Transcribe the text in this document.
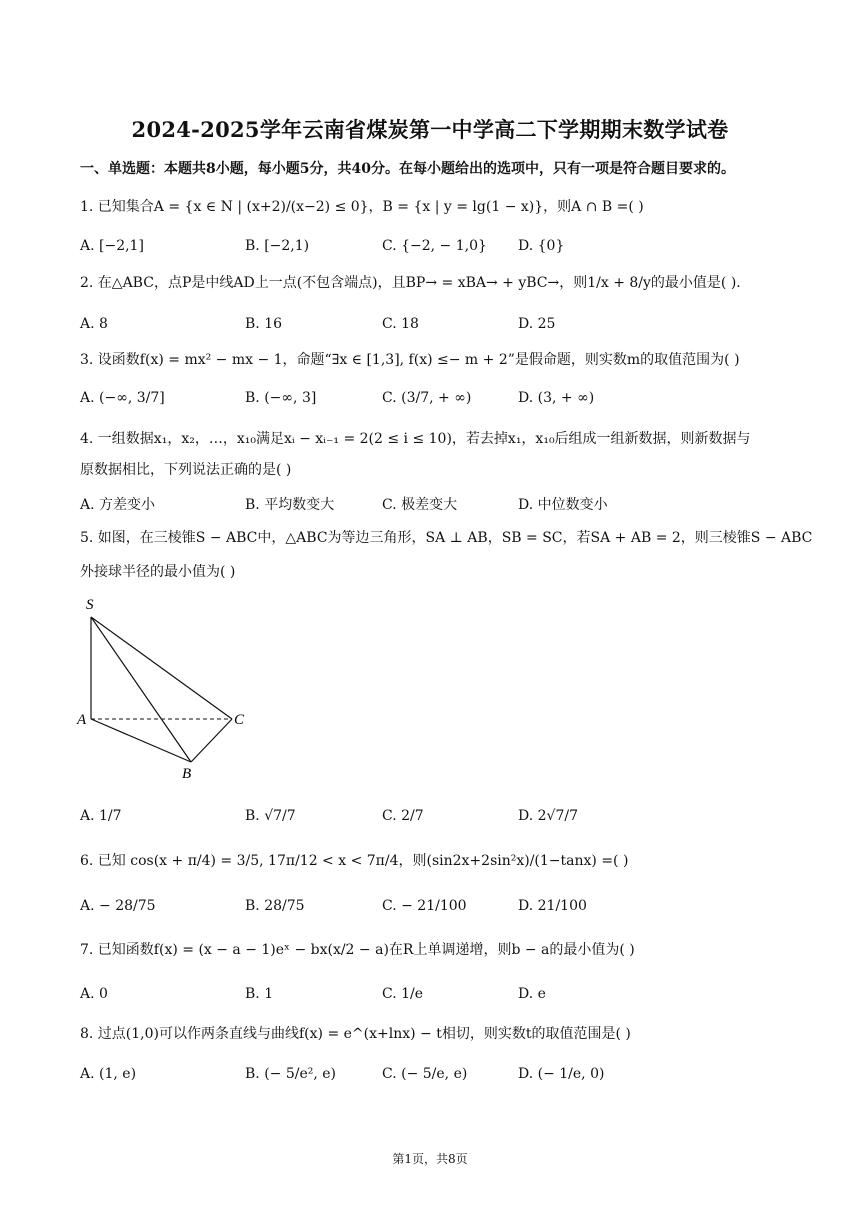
2024-2025学年云南省煤炭第一中学高二下学期期末数学试卷
一、单选题：本题共8小题，每小题5分，共40分。在每小题给出的选项中，只有一项是符合题目要求的。
1. 已知集合A = {x ∈ N | (x+2)/(x−2) ≤ 0}，B = {x | y = lg(1 − x)}，则A ∩ B =( )
A. [−2,1]	B. [−2,1)	C. {−2, − 1,0} D. {0}
2. 在△ABC，点P是中线AD上一点(不包含端点)，且BP→ = xBA→ + yBC→，则1/x + 8/y的最小值是( ).
A. 8	B. 16	C. 18	D. 25
3. 设函数f(x) = mx² − mx − 1，命题“∃x ∈ [1,3], f(x) ≤− m + 2”是假命题，则实数m的取值范围为( )
A. (−∞, 3/7]	B. (−∞, 3]	C. (3/7, + ∞)	D. (3, + ∞)
4. 一组数据x₁，x₂，…，x₁₀满足xᵢ − xᵢ₋₁ = 2(2 ≤ i ≤ 10)，若去掉x₁，x₁₀后组成一组新数据，则新数据与
原数据相比，下列说法正确的是( )
A. 方差变小	B. 平均数变大	C. 极差变大	D. 中位数变小
5. 如图，在三棱锥S − ABC中，△ABC为等边三角形，SA ⊥ AB，SB = SC，若SA + AB = 2，则三棱锥S − ABC
外接球半径的最小值为( )
S
A
B
C
A. 1/7	B. √7/7	C. 2/7	D. 2√7/7
6. 已知 cos(x + π/4) = 3/5, 17π/12 < x < 7π/4，则(sin2x+2sin²x)/(1−tanx) =( )
A. − 28/75	B. 28/75	C. − 21/100	D. 21/100
7. 已知函数f(x) = (x − a − 1)eˣ − bx(x/2 − a)在R上单调递增，则b − a的最小值为( )
A. 0	B. 1	C. 1/e	D. e
8. 过点(1,0)可以作两条直线与曲线f(x) = e^(x+lnx) − t相切，则实数t的取值范围是( )
A. (1, e)	B. (− 5/e², e)	C. (− 5/e, e)	D. (− 1/e, 0)
第1页，共8页
